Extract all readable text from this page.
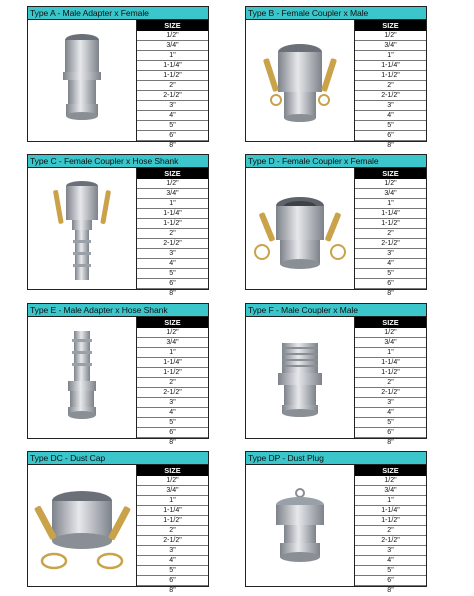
Type A - Male Adapter x Female
SIZE
1/2"
3/4"
1"
1-1/4"
1-1/2"
2"
2-1/2"
3"
4"
5"
6"
8"
Type B - Female Coupler x Male
SIZE
1/2"
3/4"
1"
1-1/4"
1-1/2"
2"
2-1/2"
3"
4"
5"
6"
8"
Type C - Female Coupler x Hose Shank
SIZE
1/2"
3/4"
1"
1-1/4"
1-1/2"
2"
2-1/2"
3"
4"
5"
6"
8"
Type D - Female Coupler x Female
SIZE
1/2"
3/4"
1"
1-1/4"
1-1/2"
2"
2-1/2"
3"
4"
5"
6"
8"
Type E - Male Adapter x Hose Shank
SIZE
1/2"
3/4"
1"
1-1/4"
1-1/2"
2"
2-1/2"
3"
4"
5"
6"
8"
Type F - Male Coupler x Male
SIZE
1/2"
3/4"
1"
1-1/4"
1-1/2"
2"
2-1/2"
3"
4"
5"
6"
8"
Type DC - Dust Cap
SIZE
1/2"
3/4"
1"
1-1/4"
1-1/2"
2"
2-1/2"
3"
4"
5"
6"
8"
Type DP - Dust Plug
SIZE
1/2"
3/4"
1"
1-1/4"
1-1/2"
2"
2-1/2"
3"
4"
5"
6"
8"
